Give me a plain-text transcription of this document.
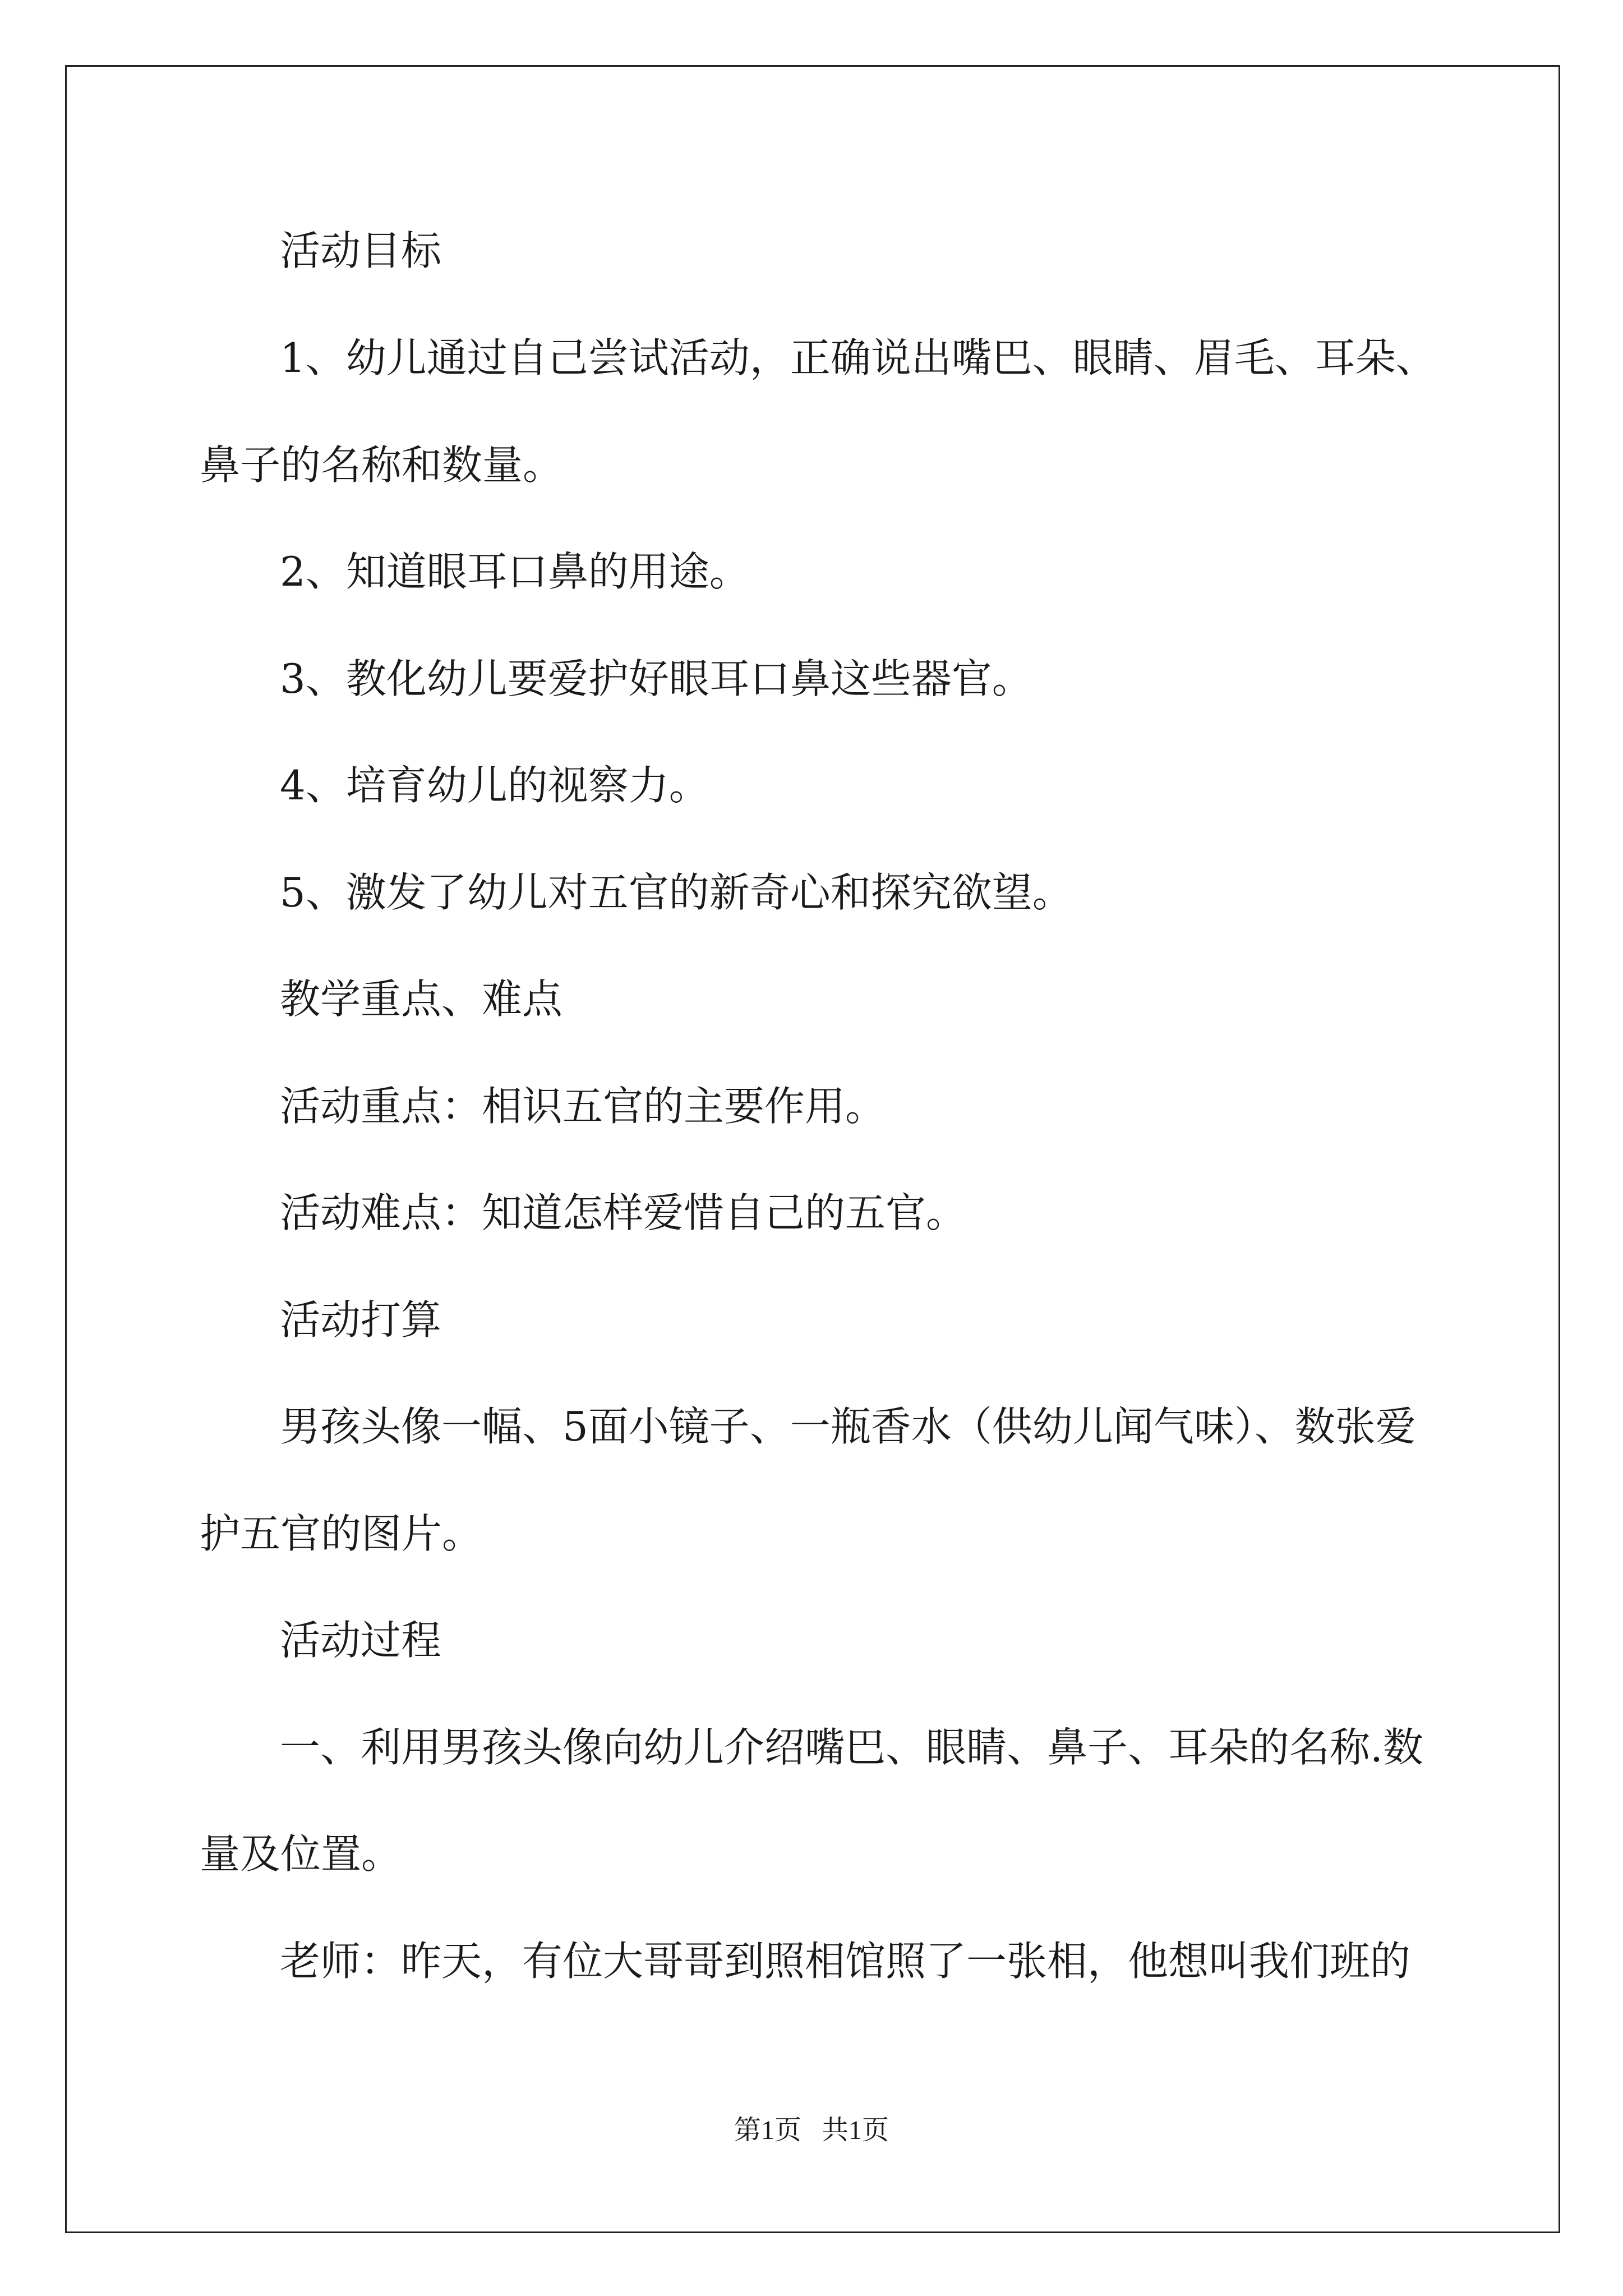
活动目标

1、幼儿通过自己尝试活动，正确说出嘴巴、眼睛、眉毛、耳朵、

鼻子的名称和数量。

2、知道眼耳口鼻的用途。

3、教化幼儿要爱护好眼耳口鼻这些器官。

4、培育幼儿的视察力。

5、激发了幼儿对五官的新奇心和探究欲望。

教学重点、难点

活动重点：相识五官的主要作用。

活动难点：知道怎样爱惜自己的五官。

活动打算

男孩头像一幅、5面小镜子、一瓶香水（供幼儿闻气味）、数张爱

护五官的图片。

活动过程

一、利用男孩头像向幼儿介绍嘴巴、眼睛、鼻子、耳朵的名称.数

量及位置。

老师：昨天，有位大哥哥到照相馆照了一张相，他想叫我们班的

第1页   共1页
